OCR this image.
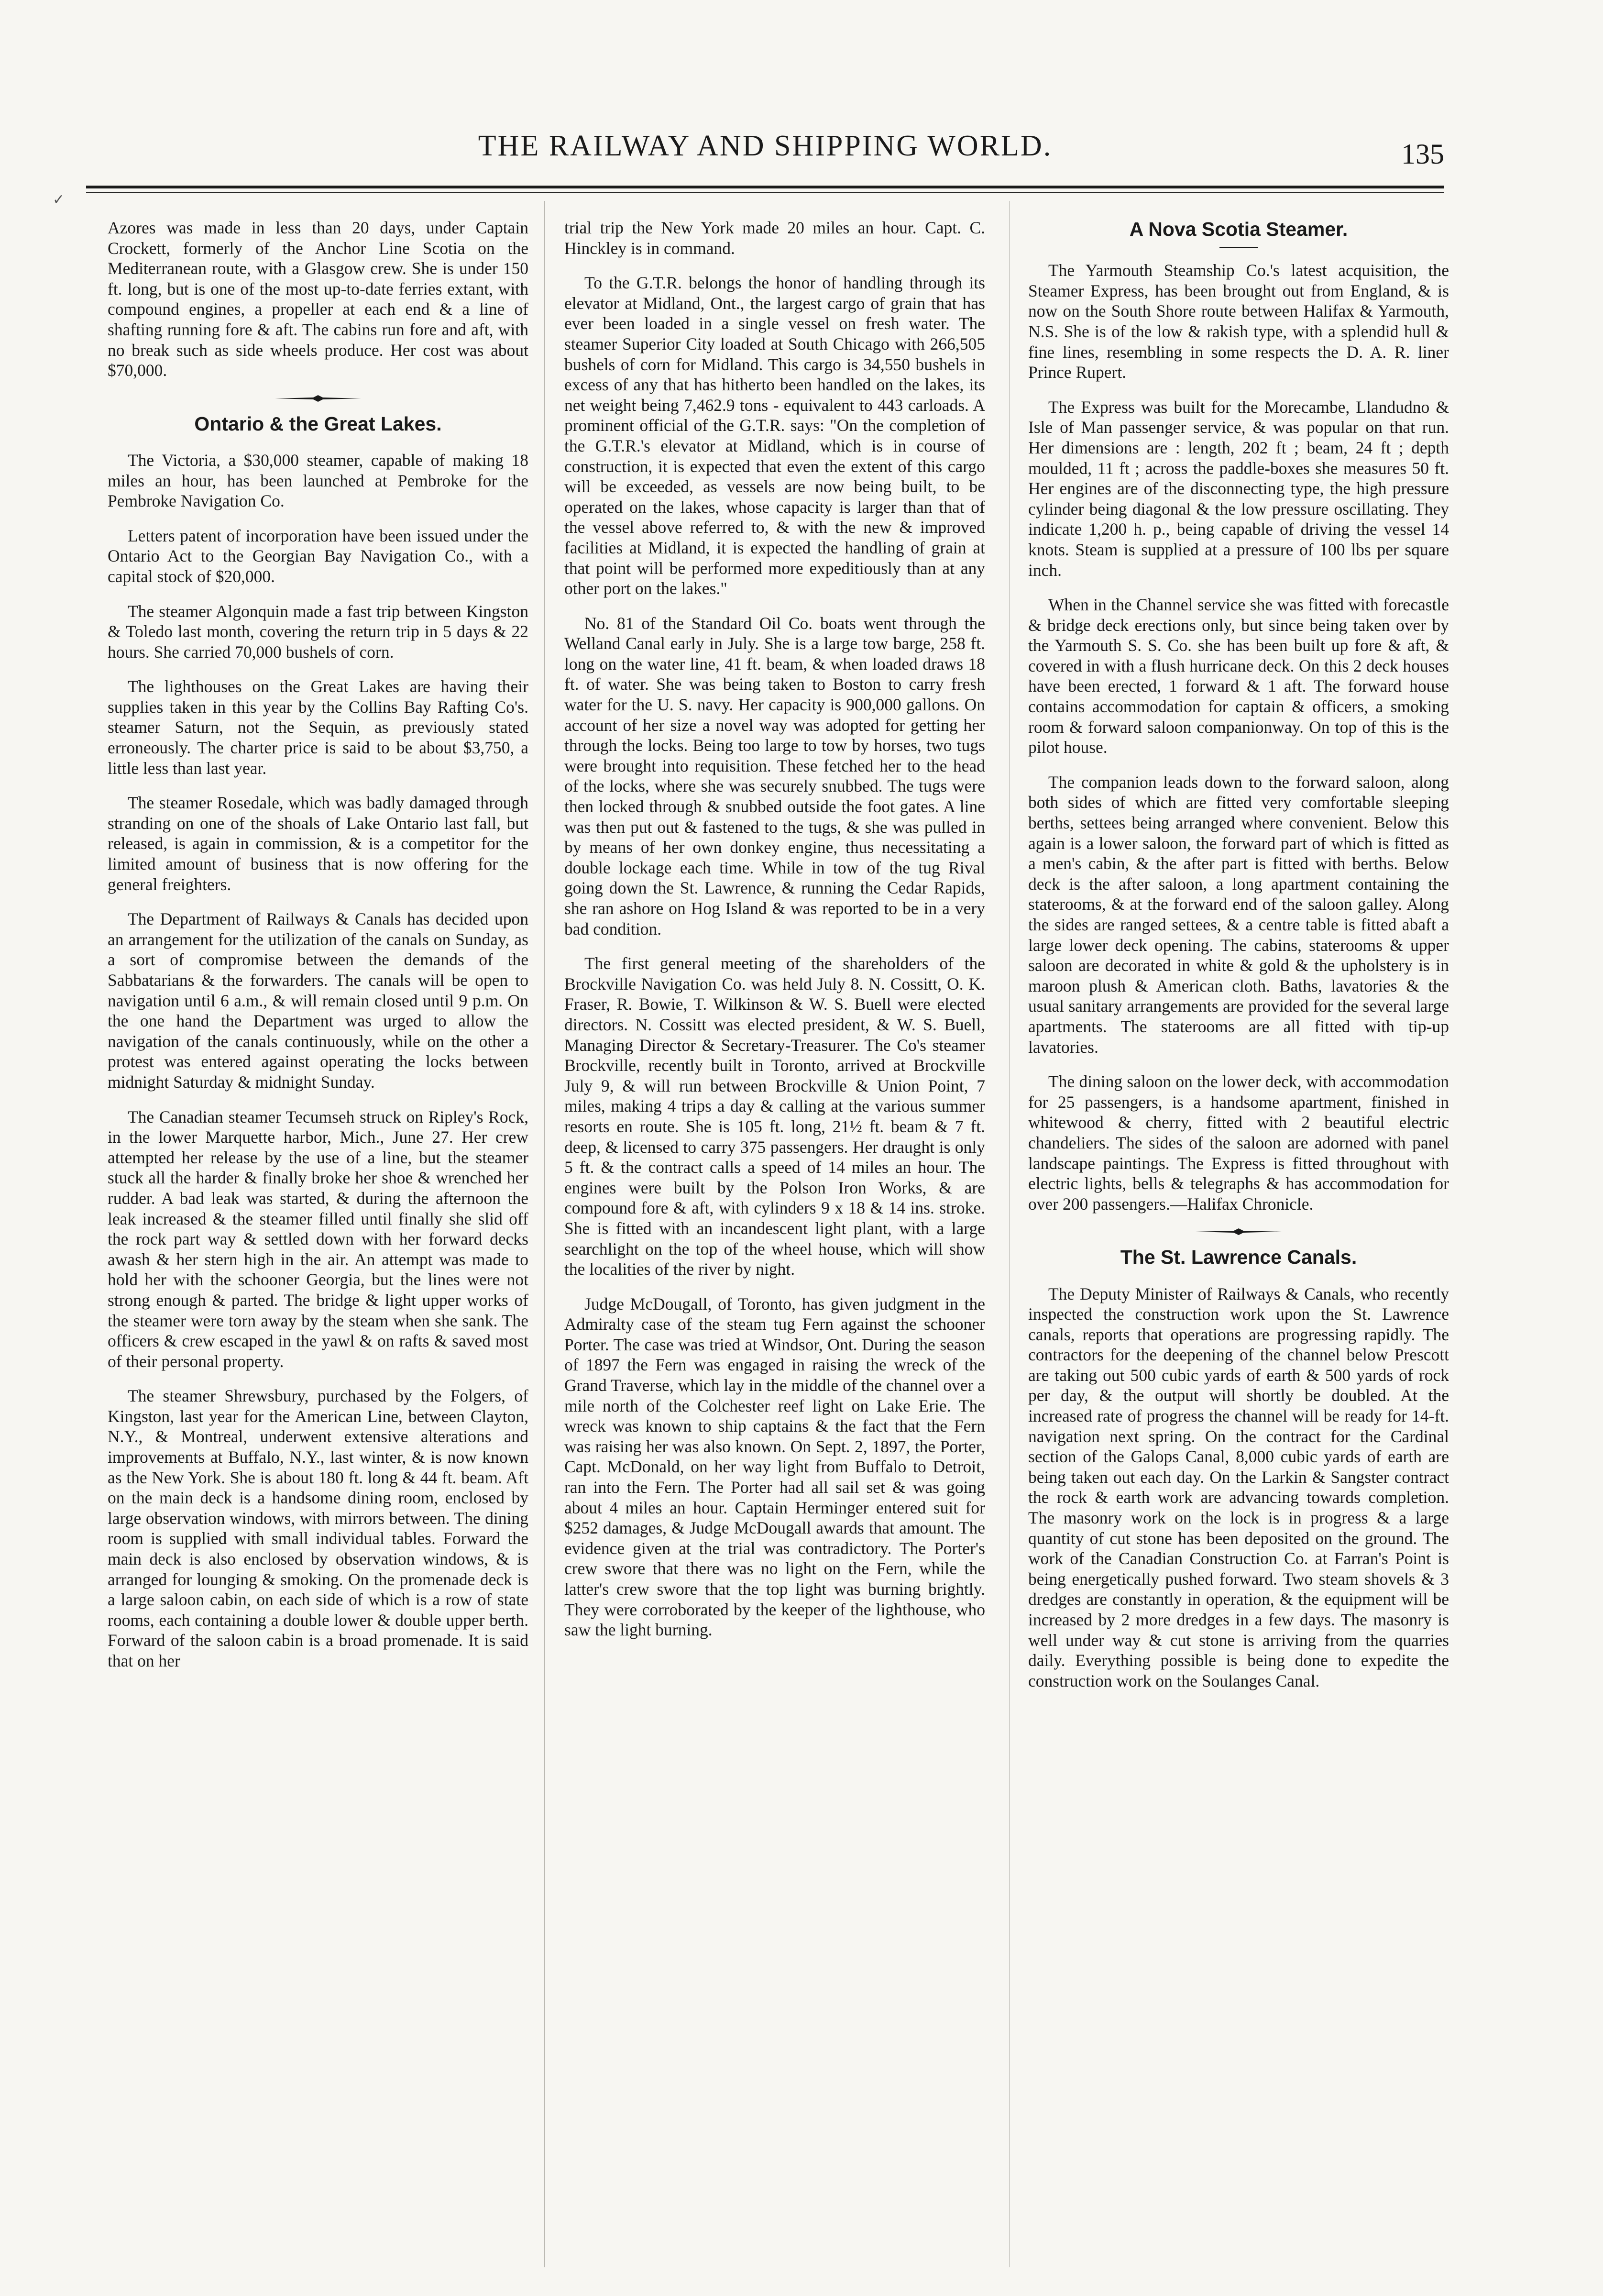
✓
THE RAILWAY AND SHIPPING WORLD.	135

Azores was made in less than 20 days, under Captain Crockett, formerly of the Anchor Line Scotia on the Mediterranean route, with a Glasgow crew. She is under 150 ft. long, but is one of the most up-to-date ferries extant, with compound engines, a propeller at each end & a line of shafting running fore & aft. The cabins run fore and aft, with no break such as side wheels produce. Her cost was about $70,000.

Ontario & the Great Lakes.

The Victoria, a $30,000 steamer, capable of making 18 miles an hour, has been launched at Pembroke for the Pembroke Navigation Co.

Letters patent of incorporation have been issued under the Ontario Act to the Georgian Bay Navigation Co., with a capital stock of $20,000.

The steamer Algonquin made a fast trip between Kingston & Toledo last month, covering the return trip in 5 days & 22 hours. She carried 70,000 bushels of corn.

The lighthouses on the Great Lakes are having their supplies taken in this year by the Collins Bay Rafting Co's. steamer Saturn, not the Sequin, as previously stated erroneously. The charter price is said to be about $3,750, a little less than last year.

The steamer Rosedale, which was badly damaged through stranding on one of the shoals of Lake Ontario last fall, but released, is again in commission, & is a competitor for the limited amount of business that is now offering for the general freighters.

The Department of Railways & Canals has decided upon an arrangement for the utilization of the canals on Sunday, as a sort of compromise between the demands of the Sabbatarians & the forwarders. The canals will be open to navigation until 6 a.m., & will remain closed until 9 p.m. On the one hand the Department was urged to allow the navigation of the canals continuously, while on the other a protest was entered against operating the locks between midnight Saturday & midnight Sunday.

The Canadian steamer Tecumseh struck on Ripley's Rock, in the lower Marquette harbor, Mich., June 27. Her crew attempted her release by the use of a line, but the steamer stuck all the harder & finally broke her shoe & wrenched her rudder. A bad leak was started, & during the afternoon the leak increased & the steamer filled until finally she slid off the rock part way & settled down with her forward decks awash & her stern high in the air. An attempt was made to hold her with the schooner Georgia, but the lines were not strong enough & parted. The bridge & light upper works of the steamer were torn away by the steam when she sank. The officers & crew escaped in the yawl & on rafts & saved most of their personal property.

The steamer Shrewsbury, purchased by the Folgers, of Kingston, last year for the American Line, between Clayton, N.Y., & Montreal, underwent extensive alterations and improvements at Buffalo, N.Y., last winter, & is now known as the New York. She is about 180 ft. long & 44 ft. beam. Aft on the main deck is a handsome dining room, enclosed by large observation windows, with mirrors between. The dining room is supplied with small individual tables. Forward the main deck is also enclosed by observation windows, & is arranged for lounging & smoking. On the promenade deck is a large saloon cabin, on each side of which is a row of state rooms, each containing a double lower & double upper berth. Forward of the saloon cabin is a broad promenade. It is said that on her

trial trip the New York made 20 miles an hour. Capt. C. Hinckley is in command.

To the G.T.R. belongs the honor of handling through its elevator at Midland, Ont., the largest cargo of grain that has ever been loaded in a single vessel on fresh water. The steamer Superior City loaded at South Chicago with 266,505 bushels of corn for Midland. This cargo is 34,550 bushels in excess of any that has hitherto been handled on the lakes, its net weight being 7,462.9 tons - equivalent to 443 carloads. A prominent official of the G.T.R. says: "On the completion of the G.T.R.'s elevator at Midland, which is in course of construction, it is expected that even the extent of this cargo will be exceeded, as vessels are now being built, to be operated on the lakes, whose capacity is larger than that of the vessel above referred to, & with the new & improved facilities at Midland, it is expected the handling of grain at that point will be performed more expeditiously than at any other port on the lakes."

No. 81 of the Standard Oil Co. boats went through the Welland Canal early in July. She is a large tow barge, 258 ft. long on the water line, 41 ft. beam, & when loaded draws 18 ft. of water. She was being taken to Boston to carry fresh water for the U. S. navy. Her capacity is 900,000 gallons. On account of her size a novel way was adopted for getting her through the locks. Being too large to tow by horses, two tugs were brought into requisition. These fetched her to the head of the locks, where she was securely snubbed. The tugs were then locked through & snubbed outside the foot gates. A line was then put out & fastened to the tugs, & she was pulled in by means of her own donkey engine, thus necessitating a double lockage each time. While in tow of the tug Rival going down the St. Lawrence, & running the Cedar Rapids, she ran ashore on Hog Island & was reported to be in a very bad condition.

The first general meeting of the shareholders of the Brockville Navigation Co. was held July 8. N. Cossitt, O. K. Fraser, R. Bowie, T. Wilkinson & W. S. Buell were elected directors. N. Cossitt was elected president, & W. S. Buell, Managing Director & Secretary-Treasurer. The Co's steamer Brockville, recently built in Toronto, arrived at Brockville July 9, & will run between Brockville & Union Point, 7 miles, making 4 trips a day & calling at the various summer resorts en route. She is 105 ft. long, 21½ ft. beam & 7 ft. deep, & licensed to carry 375 passengers. Her draught is only 5 ft. & the contract calls a speed of 14 miles an hour. The engines were built by the Polson Iron Works, & are compound fore & aft, with cylinders 9 x 18 & 14 ins. stroke. She is fitted with an incandescent light plant, with a large searchlight on the top of the wheel house, which will show the localities of the river by night.

Judge McDougall, of Toronto, has given judgment in the Admiralty case of the steam tug Fern against the schooner Porter. The case was tried at Windsor, Ont. During the season of 1897 the Fern was engaged in raising the wreck of the Grand Traverse, which lay in the middle of the channel over a mile north of the Colchester reef light on Lake Erie. The wreck was known to ship captains & the fact that the Fern was raising her was also known. On Sept. 2, 1897, the Porter, Capt. McDonald, on her way light from Buffalo to Detroit, ran into the Fern. The Porter had all sail set & was going about 4 miles an hour. Captain Herminger entered suit for $252 damages, & Judge McDougall awards that amount. The evidence given at the trial was contradictory. The Porter's crew swore that there was no light on the Fern, while the latter's crew swore that the top light was burning brightly. They were corroborated by the keeper of the lighthouse, who saw the light burning.

A Nova Scotia Steamer.

The Yarmouth Steamship Co.'s latest acquisition, the Steamer Express, has been brought out from England, & is now on the South Shore route between Halifax & Yarmouth, N.S. She is of the low & rakish type, with a splendid hull & fine lines, resembling in some respects the D. A. R. liner Prince Rupert.

The Express was built for the Morecambe, Llandudno & Isle of Man passenger service, & was popular on that run. Her dimensions are : length, 202 ft ; beam, 24 ft ; depth moulded, 11 ft ; across the paddle-boxes she measures 50 ft. Her engines are of the disconnecting type, the high pressure cylinder being diagonal & the low pressure oscillating. They indicate 1,200 h. p., being capable of driving the vessel 14 knots. Steam is supplied at a pressure of 100 lbs per square inch.

When in the Channel service she was fitted with forecastle & bridge deck erections only, but since being taken over by the Yarmouth S. S. Co. she has been built up fore & aft, & covered in with a flush hurricane deck. On this 2 deck houses have been erected, 1 forward & 1 aft. The forward house contains accommodation for captain & officers, a smoking room & forward saloon companionway. On top of this is the pilot house.

The companion leads down to the forward saloon, along both sides of which are fitted very comfortable sleeping berths, settees being arranged where convenient. Below this again is a lower saloon, the forward part of which is fitted as a men's cabin, & the after part is fitted with berths. Below deck is the after saloon, a long apartment containing the staterooms, & at the forward end of the saloon galley. Along the sides are ranged settees, & a centre table is fitted abaft a large lower deck opening. The cabins, staterooms & upper saloon are decorated in white & gold & the upholstery is in maroon plush & American cloth. Baths, lavatories & the usual sanitary arrangements are provided for the several large apartments. The staterooms are all fitted with tip-up lavatories.

The dining saloon on the lower deck, with accommodation for 25 passengers, is a handsome apartment, finished in whitewood & cherry, fitted with 2 beautiful electric chandeliers. The sides of the saloon are adorned with panel landscape paintings. The Express is fitted throughout with electric lights, bells & telegraphs & has accommodation for over 200 passengers.—Halifax Chronicle.

The St. Lawrence Canals.

The Deputy Minister of Railways & Canals, who recently inspected the construction work upon the St. Lawrence canals, reports that operations are progressing rapidly. The contractors for the deepening of the channel below Prescott are taking out 500 cubic yards of earth & 500 yards of rock per day, & the output will shortly be doubled. At the increased rate of progress the channel will be ready for 14-ft. navigation next spring. On the contract for the Cardinal section of the Galops Canal, 8,000 cubic yards of earth are being taken out each day. On the Larkin & Sangster contract the rock & earth work are advancing towards completion. The masonry work on the lock is in progress & a large quantity of cut stone has been deposited on the ground. The work of the Canadian Construction Co. at Farran's Point is being energetically pushed forward. Two steam shovels & 3 dredges are constantly in operation, & the equipment will be increased by 2 more dredges in a few days. The masonry is well under way & cut stone is arriving from the quarries daily. Everything possible is being done to expedite the construction work on the Soulanges Canal.
